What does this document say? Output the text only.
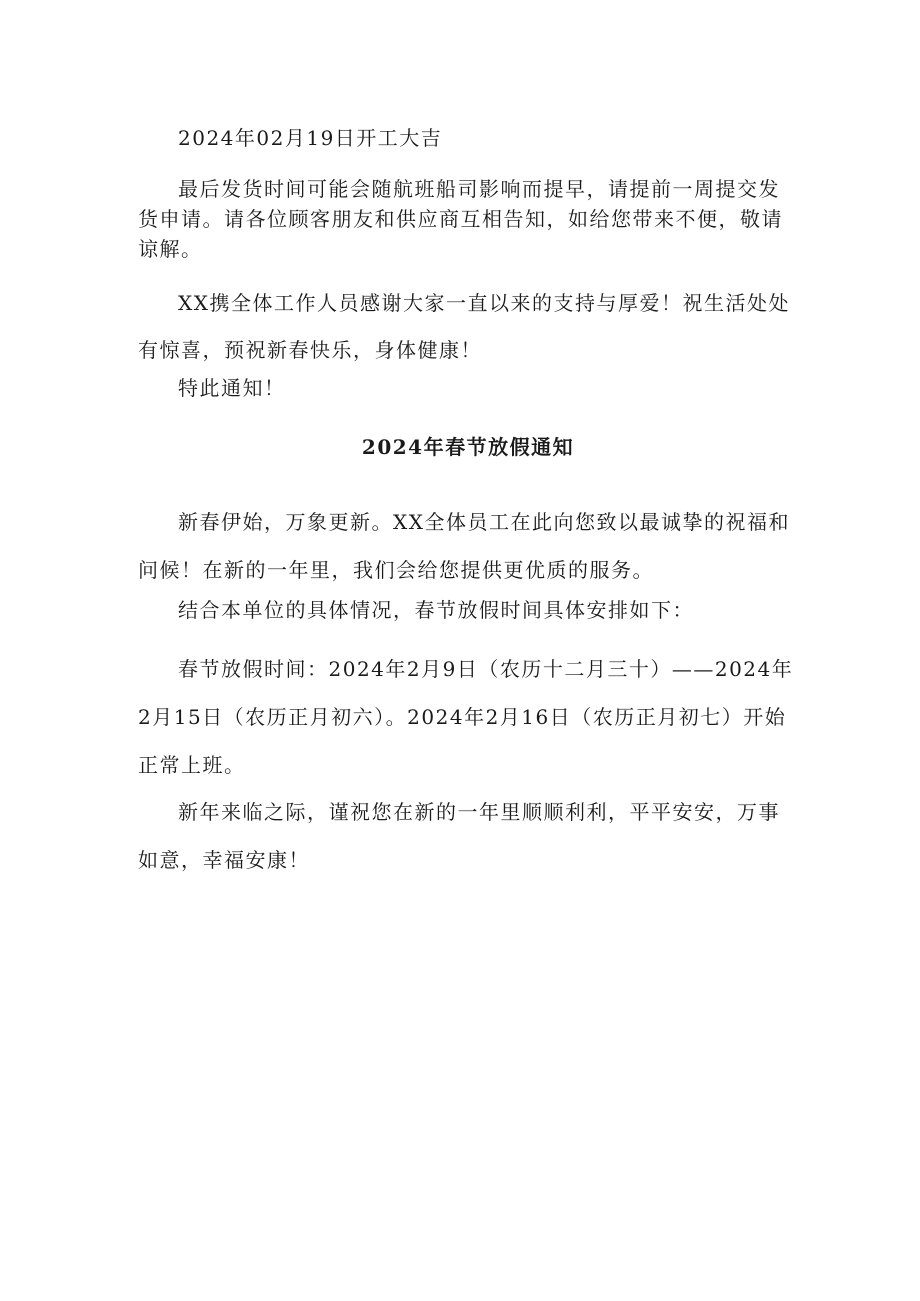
2024年02月19日开工大吉

最后发货时间可能会随航班船司影响而提早，请提前一周提交发货申请。请各位顾客朋友和供应商互相告知，如给您带来不便，敬请谅解。

XX携全体工作人员感谢大家一直以来的支持与厚爱！祝生活处处有惊喜，预祝新春快乐，身体健康！

特此通知！

2024年春节放假通知

新春伊始，万象更新。XX全体员工在此向您致以最诚挚的祝福和问候！在新的一年里，我们会给您提供更优质的服务。

结合本单位的具体情况，春节放假时间具体安排如下：

春节放假时间：2024年2月9日（农历十二月三十）——2024年2月15日（农历正月初六）。2024年2月16日（农历正月初七）开始正常上班。

新年来临之际，谨祝您在新的一年里顺顺利利，平平安安，万事如意，幸福安康！
